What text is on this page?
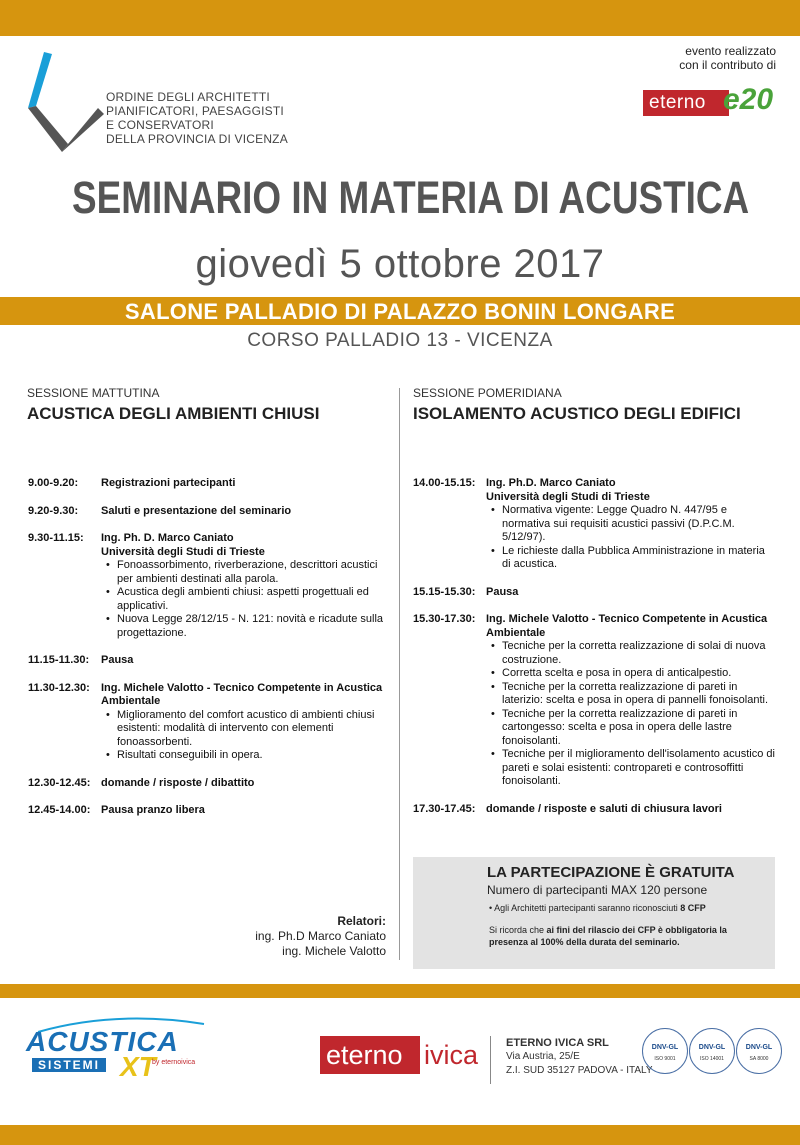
ORDINE DEGLI ARCHITETTI
PIANIFICATORI, PAESAGGISTI
E CONSERVATORI
DELLA PROVINCIA DI VICENZA
evento realizzato
con il contributo di
eterno e20
SEMINARIO IN MATERIA DI ACUSTICA
giovedì 5 ottobre 2017
SALONE PALLADIO DI PALAZZO BONIN LONGARE
CORSO PALLADIO 13 - VICENZA
SESSIONE MATTUTINA
ACUSTICA DEGLI AMBIENTI CHIUSI
SESSIONE POMERIDIANA
ISOLAMENTO ACUSTICO DEGLI EDIFICI
9.00-9.20: Registrazioni partecipanti
9.20-9.30: Saluti e presentazione del seminario
9.30-11.15: Ing. Ph. D. Marco Caniato
Università degli Studi di Trieste
• Fonoassorbimento, riverberazione, descrittori acustici per ambienti destinati alla parola.
• Acustica degli ambienti chiusi: aspetti progettuali ed applicativi.
• Nuova Legge 28/12/15 - N. 121: novità e ricadute sulla progettazione.
11.15-11.30: Pausa
11.30-12.30: Ing. Michele Valotto - Tecnico Competente in Acustica Ambientale
• Miglioramento del comfort acustico di ambienti chiusi esistenti: modalità di intervento con elementi fonoassorbenti.
• Risultati conseguibili in opera.
12.30-12.45: domande / risposte / dibattito
12.45-14.00: Pausa pranzo libera
14.00-15.15: Ing. Ph.D. Marco Caniato
Università degli Studi di Trieste
• Normativa vigente: Legge Quadro N. 447/95 e normativa sui requisiti acustici passivi (D.P.C.M. 5/12/97).
• Le richieste dalla Pubblica Amministrazione in materia di acustica.
15.15-15.30: Pausa
15.30-17.30: Ing. Michele Valotto - Tecnico Competente in Acustica Ambientale
• Tecniche per la corretta realizzazione di solai di nuova costruzione.
• Corretta scelta e posa in opera di anticalpestio.
• Tecniche per la corretta realizzazione di pareti in laterizio: scelta e posa in opera di pannelli fonoisolanti.
• Tecniche per la corretta realizzazione di pareti in cartongesso: scelta e posa in opera delle lastre fonoisolanti.
• Tecniche per il miglioramento dell'isolamento acustico di pareti e solai esistenti: contropareti e controsoffitti fonoisolanti.
17.30-17.45: domande / risposte e saluti di chiusura lavori
Relatori:
ing. Ph.D Marco Caniato
ing. Michele Valotto
LA PARTECIPAZIONE È GRATUITA
Numero di partecipanti MAX 120 persone
• Agli Architetti partecipanti saranno riconosciuti 8 CFP
Si ricorda che ai fini del rilascio dei CFP è obbligatoria la presenza al 100% della durata del seminario.
ACUSTICA
SISTEMI XT
by eternoivica	eterno ivica	ETERNO IVICA SRL
Via Austria, 25/E
Z.I. SUD 35127 PADOVA - ITALY
DNV-GL
ISO 9001
DNV-GL
ISO 14001
DNV-GL
SA 8000
